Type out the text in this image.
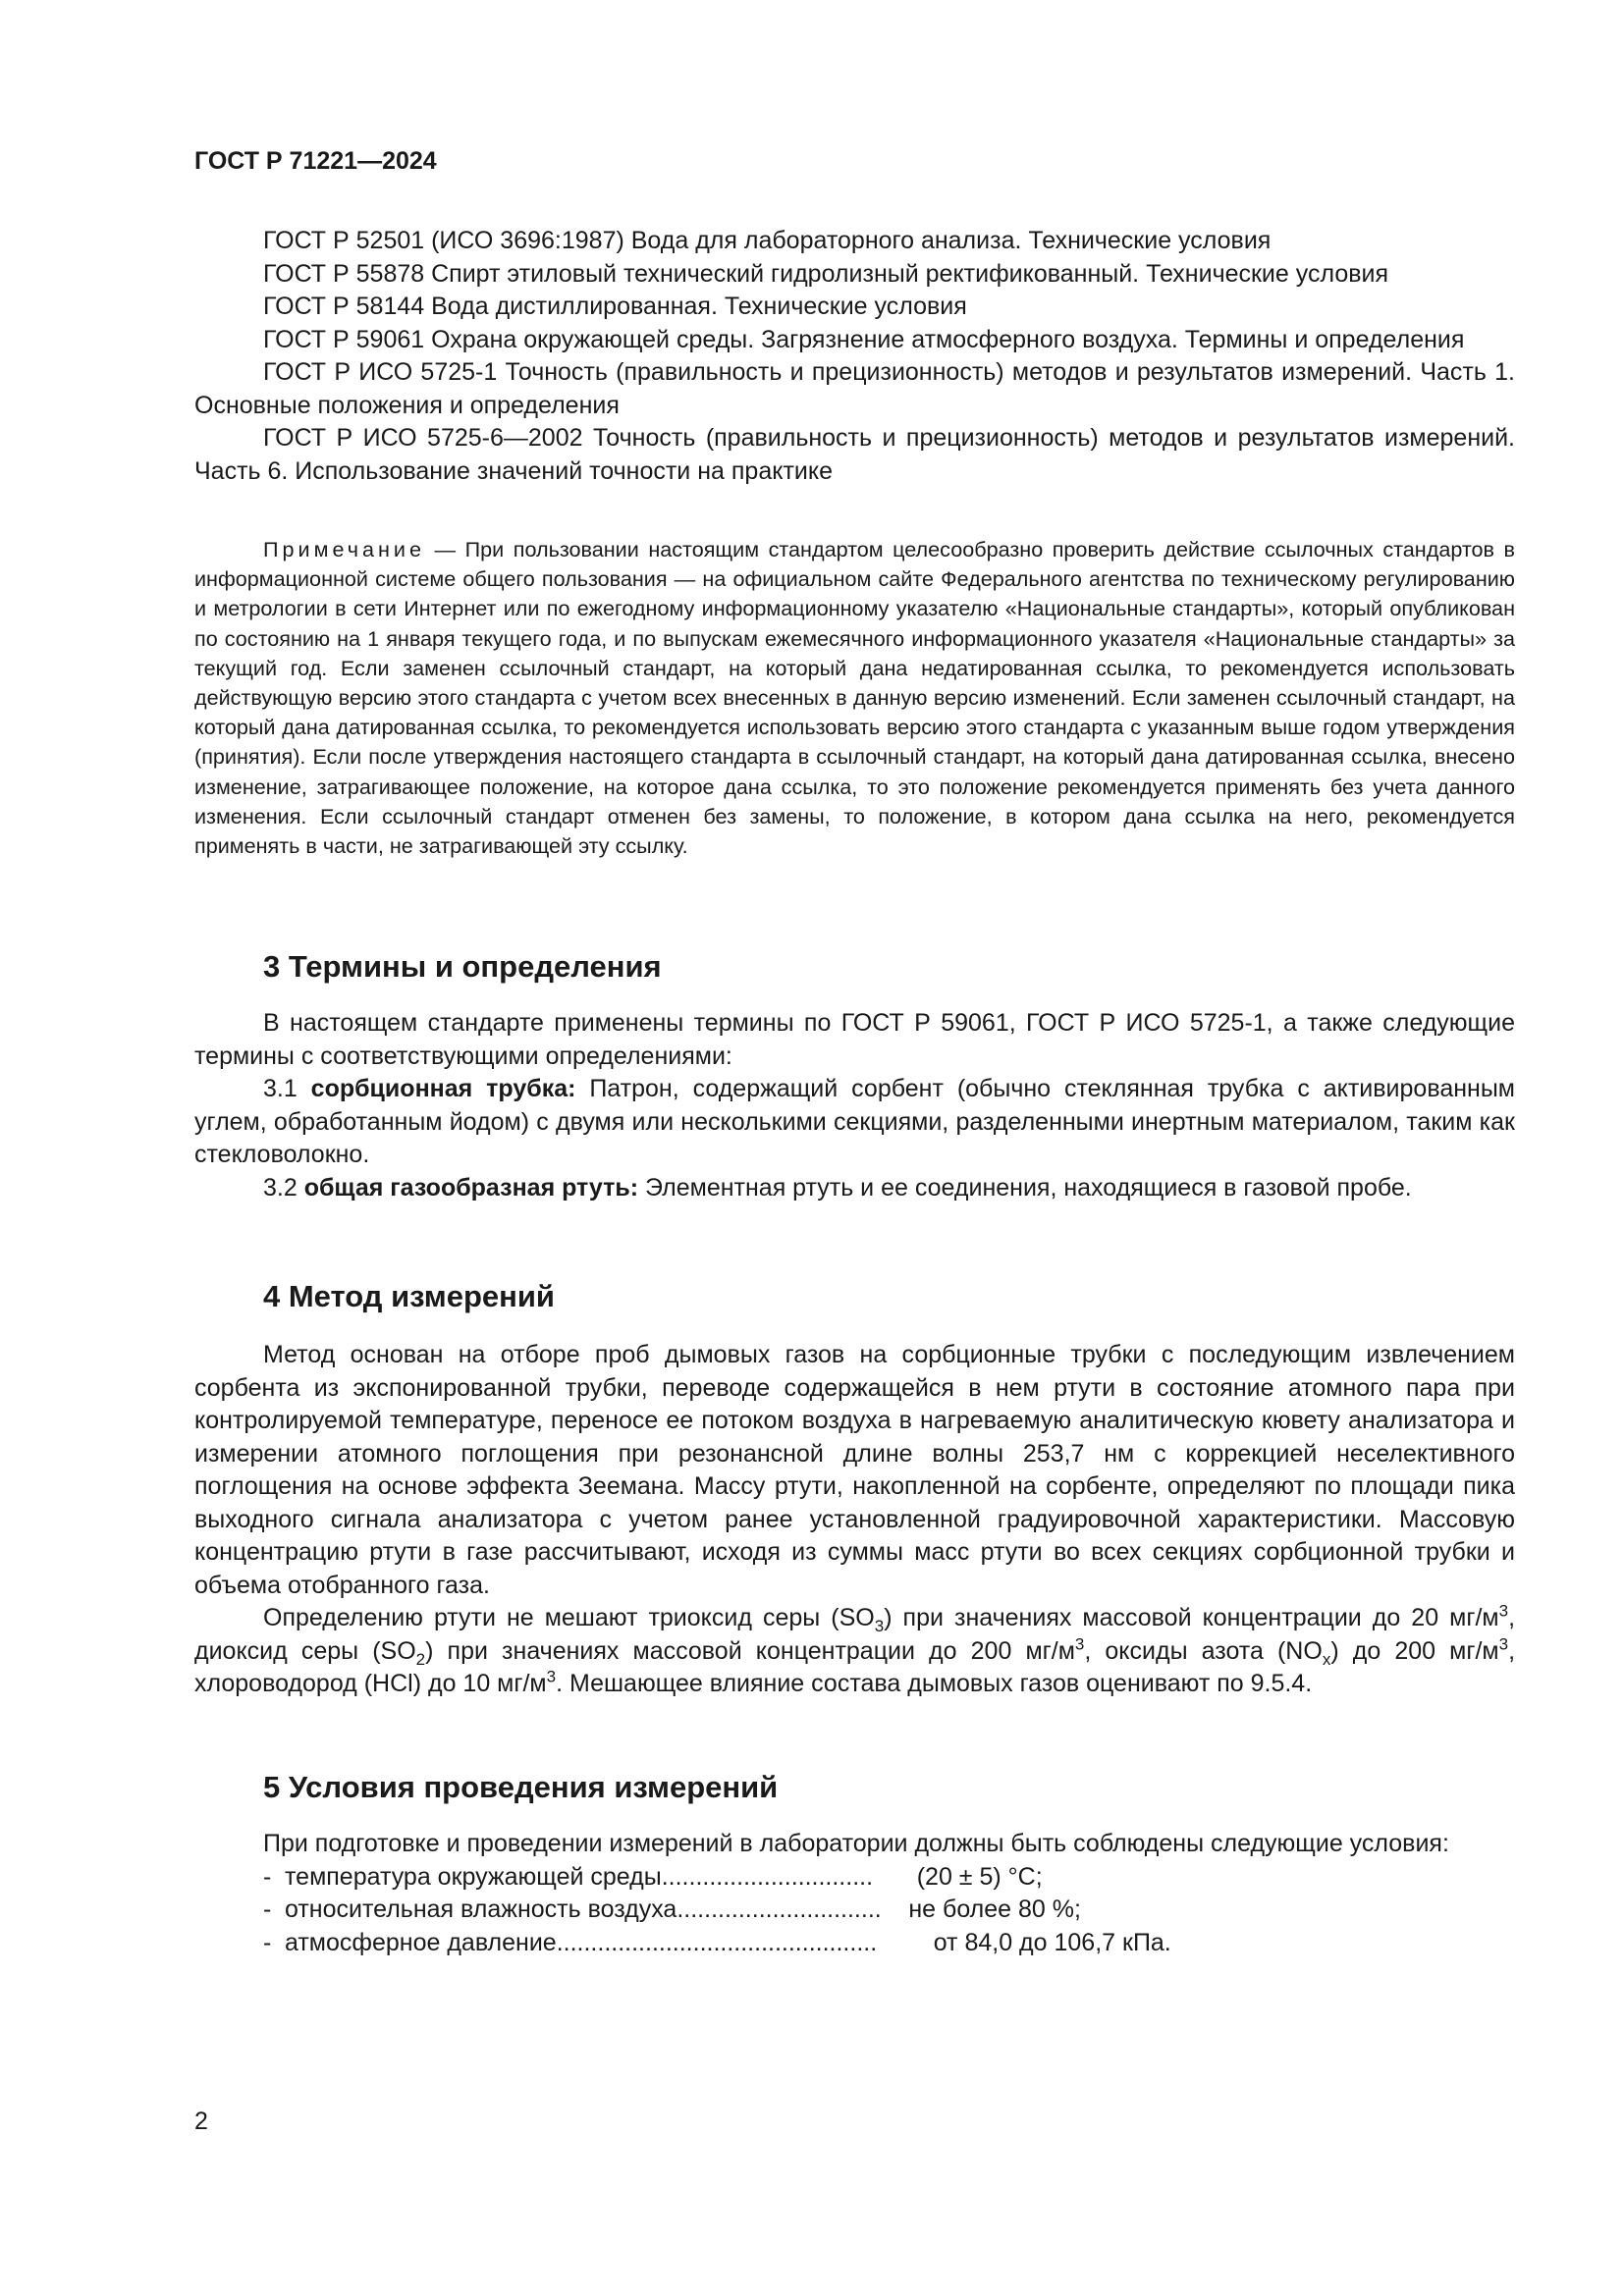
ГОСТ Р 71221—2024

ГОСТ Р 52501 (ИСО 3696:1987) Вода для лабораторного анализа. Технические условия

ГОСТ Р 55878 Спирт этиловый технический гидролизный ректификованный. Технические условия

ГОСТ Р 58144 Вода дистиллированная. Технические условия

ГОСТ Р 59061 Охрана окружающей среды. Загрязнение атмосферного воздуха. Термины и определения

ГОСТ Р ИСО 5725-1 Точность (правильность и прецизионность) методов и результатов измерений. Часть 1. Основные положения и определения

ГОСТ Р ИСО 5725-6—2002 Точность (правильность и прецизионность) методов и результатов измерений. Часть 6. Использование значений точности на практике

Примечание — При пользовании настоящим стандартом целесообразно проверить действие ссылочных стандартов в информационной системе общего пользования — на официальном сайте Федерального агентства по техническому регулированию и метрологии в сети Интернет или по ежегодному информационному указателю «Национальные стандарты», который опубликован по состоянию на 1 января текущего года, и по выпускам ежемесячного информационного указателя «Национальные стандарты» за текущий год. Если заменен ссылочный стандарт, на который дана недатированная ссылка, то рекомендуется использовать действующую версию этого стандарта с учетом всех внесенных в данную версию изменений. Если заменен ссылочный стандарт, на который дана датированная ссылка, то рекомендуется использовать версию этого стандарта с указанным выше годом утверждения (принятия). Если после утверждения настоящего стандарта в ссылочный стандарт, на который дана датированная ссылка, внесено изменение, затрагивающее положение, на которое дана ссылка, то это положение рекомендуется применять без учета данного изменения. Если ссылочный стандарт отменен без замены, то положение, в котором дана ссылка на него, рекомендуется применять в части, не затрагивающей эту ссылку.

3 Термины и определения

В настоящем стандарте применены термины по ГОСТ Р 59061, ГОСТ Р ИСО 5725-1, а также следующие термины с соответствующими определениями:

3.1 сорбционная трубка: Патрон, содержащий сорбент (обычно стеклянная трубка с активированным углем, обработанным йодом) с двумя или несколькими секциями, разделенными инертным материалом, таким как стекловолокно.

3.2 общая газообразная ртуть: Элементная ртуть и ее соединения, находящиеся в газовой пробе.

4 Метод измерений

Метод основан на отборе проб дымовых газов на сорбционные трубки с последующим извлечением сорбента из экспонированной трубки, переводе содержащейся в нем ртути в состояние атомного пара при контролируемой температуре, переносе ее потоком воздуха в нагреваемую аналитическую кювету анализатора и измерении атомного поглощения при резонансной длине волны 253,7 нм с коррекцией неселективного поглощения на основе эффекта Зеемана. Массу ртути, накопленной на сорбенте, определяют по площади пика выходного сигнала анализатора с учетом ранее установленной градуировочной характеристики. Массовую концентрацию ртути в газе рассчитывают, исходя из суммы масс ртути во всех секциях сорбционной трубки и объема отобранного газа.

Определению ртути не мешают триоксид серы $(SO_3)$ при значениях массовой концентрации до 20 $мг/м^3$, диоксид серы $(SO_2)$ при значениях массовой концентрации до 200 $мг/м^3$, оксиды азота $(NO_x)$ до 200 $мг/м^3$, хлороводород (HCl) до 10 $мг/м^3$. Мешающее влияние состава дымовых газов оценивают по 9.5.4.

5 Условия проведения измерений

При подготовке и проведении измерений в лаборатории должны быть соблюдены следующие условия:

- температура окружающей среды ...............................	(20 ± 5) °С;
- относительная влажность воздуха ..............................	не более 80 %;
- атмосферное давление ...............................................	от 84,0 до 106,7 кПа.
2
